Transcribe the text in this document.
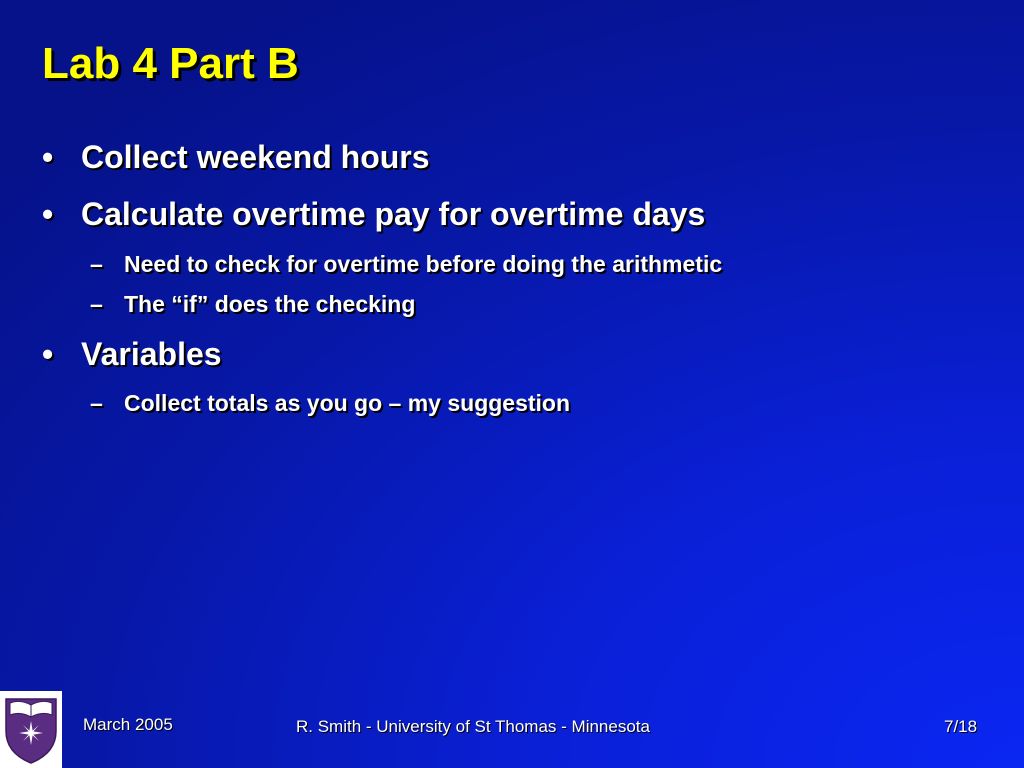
Lab 4 Part B
• Collect weekend hours
• Calculate overtime pay for overtime days
– Need to check for overtime before doing the arithmetic
– The “if” does the checking
• Variables
– Collect totals as you go – my suggestion
March 2005	R. Smith - University of St Thomas - Minnesota	7/18
